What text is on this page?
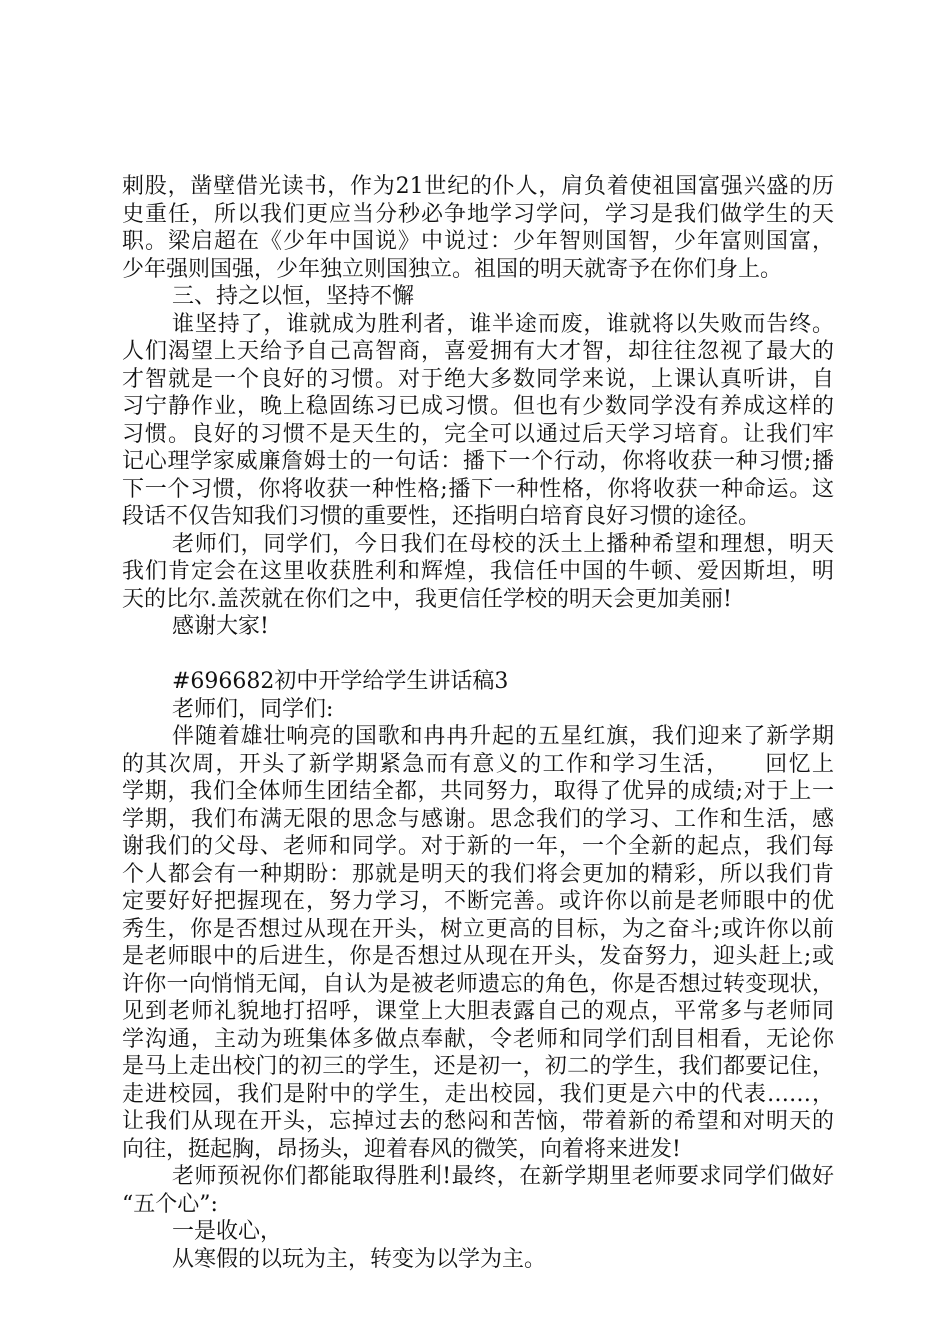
刺股，凿壁借光读书，作为21世纪的仆人，肩负着使祖国富强兴盛的历
史重任，所以我们更应当分秒必争地学习学问，学习是我们做学生的天
职。梁启超在《少年中国说》中说过：少年智则国智，少年富则国富，
少年强则国强，少年独立则国独立。祖国的明天就寄予在你们身上。
三、持之以恒，坚持不懈
谁坚持了，谁就成为胜利者，谁半途而废，谁就将以失败而告终。
人们渴望上天给予自己高智商，喜爱拥有大才智，却往往忽视了最大的
才智就是一个良好的习惯。对于绝大多数同学来说，上课认真听讲，自
习宁静作业，晚上稳固练习已成习惯。但也有少数同学没有养成这样的
习惯。良好的习惯不是天生的，完全可以通过后天学习培育。让我们牢
记心理学家威廉詹姆士的一句话：播下一个行动，你将收获一种习惯;播
下一个习惯，你将收获一种性格;播下一种性格，你将收获一种命运。这
段话不仅告知我们习惯的重要性，还指明白培育良好习惯的途径。
老师们，同学们，今日我们在母校的沃土上播种希望和理想，明天
我们肯定会在这里收获胜利和辉煌，我信任中国的牛顿、爱因斯坦，明
天的比尔.盖茨就在你们之中，我更信任学校的明天会更加美丽!
感谢大家!
#696682初中开学给学生讲话稿3
老师们，同学们:
伴随着雄壮响亮的国歌和冉冉升起的五星红旗，我们迎来了新学期
的其次周，开头了新学期紧急而有意义的工作和学习生活，　　回忆上
学期，我们全体师生团结全都，共同努力，取得了优异的成绩;对于上一
学期，我们布满无限的思念与感谢。思念我们的学习、工作和生活，感
谢我们的父母、老师和同学。对于新的一年，一个全新的起点，我们每
个人都会有一种期盼：那就是明天的我们将会更加的精彩，所以我们肯
定要好好把握现在，努力学习，不断完善。或许你以前是老师眼中的优
秀生，你是否想过从现在开头，树立更高的目标，为之奋斗;或许你以前
是老师眼中的后进生，你是否想过从现在开头，发奋努力，迎头赶上;或
许你一向悄悄无闻，自认为是被老师遗忘的角色，你是否想过转变现状，
见到老师礼貌地打招呼，课堂上大胆表露自己的观点，平常多与老师同
学沟通，主动为班集体多做点奉献，令老师和同学们刮目相看，无论你
是马上走出校门的初三的学生，还是初一，初二的学生，我们都要记住，
走进校园，我们是附中的学生，走出校园，我们更是六中的代表……，
让我们从现在开头，忘掉过去的愁闷和苦恼，带着新的希望和对明天的
向往，挺起胸，昂扬头，迎着春风的微笑，向着将来进发!
老师预祝你们都能取得胜利!最终，在新学期里老师要求同学们做好
“五个心”:
一是收心，
从寒假的以玩为主，转变为以学为主。
